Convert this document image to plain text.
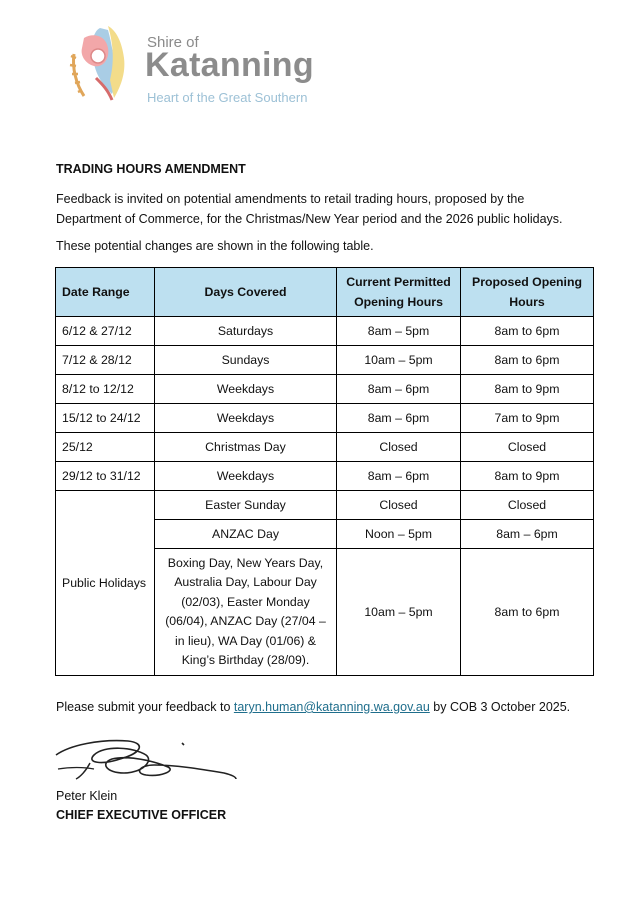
Shire of
Katanning
Heart of the Great Southern
TRADING HOURS AMENDMENT
Feedback is invited on potential amendments to retail trading hours, proposed by the
Department of Commerce, for the Christmas/New Year period and the 2026 public holidays.
These potential changes are shown in the following table.
Date Range	Days Covered	Current Permitted Opening Hours	Proposed Opening Hours
6/12 & 27/12	Saturdays	8am – 5pm	8am to 6pm
7/12 & 28/12	Sundays	10am – 5pm	8am to 6pm
8/12 to 12/12	Weekdays	8am – 6pm	8am to 9pm
15/12 to 24/12	Weekdays	8am – 6pm	7am to 9pm
25/12	Christmas Day	Closed	Closed
29/12 to 31/12	Weekdays	8am – 6pm	8am to 9pm
Public Holidays	Easter Sunday	Closed	Closed
	ANZAC Day	Noon – 5pm	8am – 6pm
	Boxing Day, New Years Day, Australia Day, Labour Day (02/03), Easter Monday (06/04), ANZAC Day (27/04 – in lieu), WA Day (01/06) & King’s Birthday (28/09).	10am – 5pm	8am to 6pm
Please submit your feedback to taryn.human@katanning.wa.gov.au by COB 3 October 2025.
Peter Klein
CHIEF EXECUTIVE OFFICER
